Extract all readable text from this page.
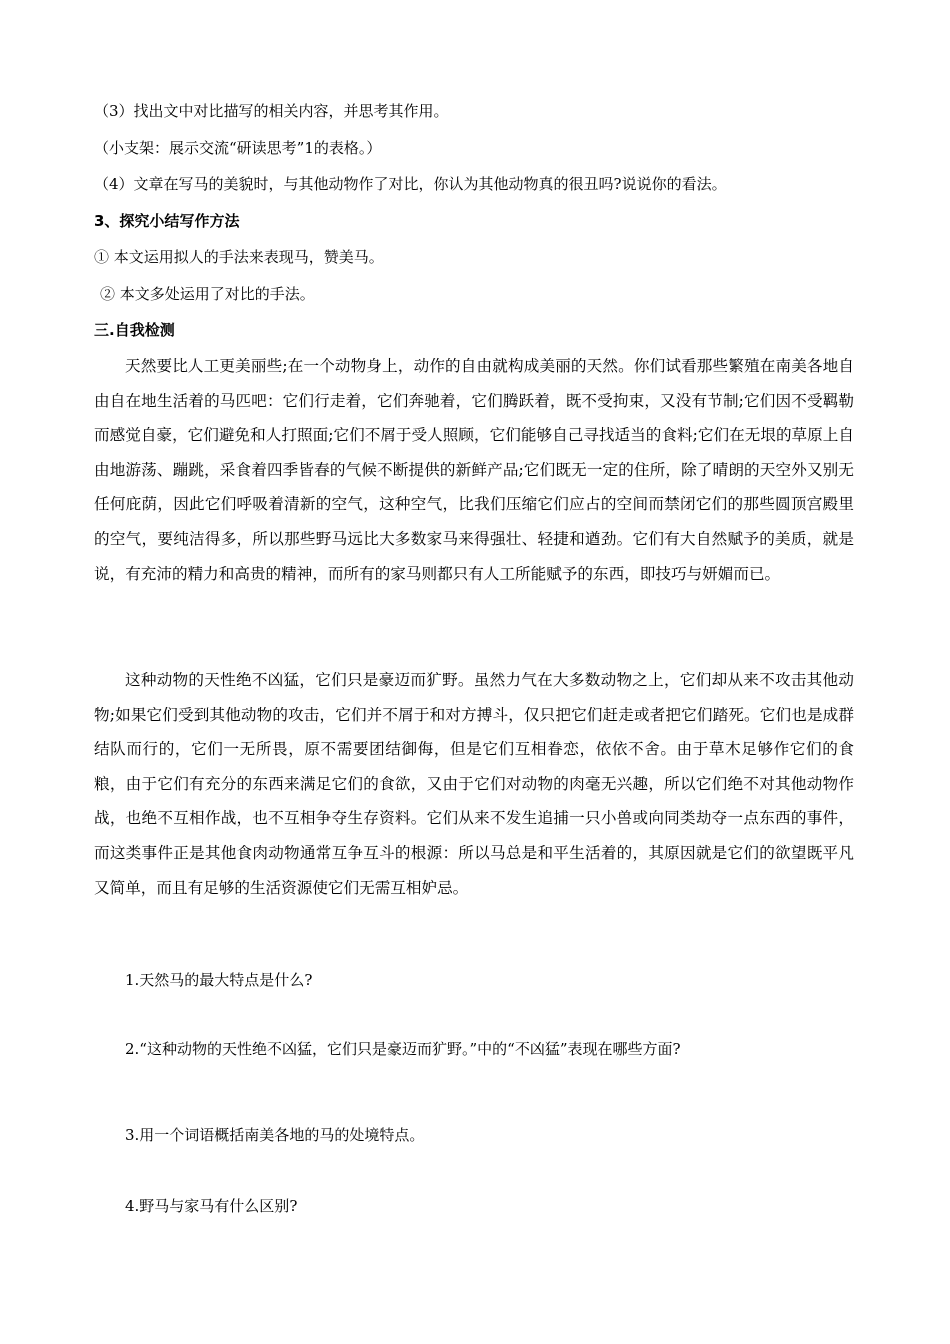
（3）找出文中对比描写的相关内容，并思考其作用。
（小支架：展示交流“研读思考”1的表格。）
（4）文章在写马的美貌时，与其他动物作了对比，你认为其他动物真的很丑吗?说说你的看法。
3、探究小结写作方法
① 本文运用拟人的手法来表现马，赞美马。
② 本文多处运用了对比的手法。
三.自我检测
天然要比人工更美丽些;在一个动物身上，动作的自由就构成美丽的天然。你们试看那些繁殖在南美各地自由自在地生活着的马匹吧：它们行走着，它们奔驰着，它们腾跃着，既不受拘束，又没有节制;它们因不受羁勒而感觉自豪，它们避免和人打照面;它们不屑于受人照顾，它们能够自己寻找适当的食料;它们在无垠的草原上自由地游荡、蹦跳，采食着四季皆春的气候不断提供的新鲜产品;它们既无一定的住所，除了晴朗的天空外又别无任何庇荫，因此它们呼吸着清新的空气，这种空气，比我们压缩它们应占的空间而禁闭它们的那些圆顶宫殿里的空气，要纯洁得多，所以那些野马远比大多数家马来得强壮、轻捷和遒劲。它们有大自然赋予的美质，就是说，有充沛的精力和高贵的精神，而所有的家马则都只有人工所能赋予的东西，即技巧与妍媚而已。
这种动物的天性绝不凶猛，它们只是豪迈而犷野。虽然力气在大多数动物之上，它们却从来不攻击其他动物;如果它们受到其他动物的攻击，它们并不屑于和对方搏斗，仅只把它们赶走或者把它们踏死。它们也是成群结队而行的，它们一无所畏，原不需要团结御侮，但是它们互相眷恋，依依不舍。由于草木足够作它们的食粮，由于它们有充分的东西来满足它们的食欲，又由于它们对动物的肉毫无兴趣，所以它们绝不对其他动物作战，也绝不互相作战，也不互相争夺生存资料。它们从来不发生追捕一只小兽或向同类劫夺一点东西的事件，而这类事件正是其他食肉动物通常互争互斗的根源：所以马总是和平生活着的，其原因就是它们的欲望既平凡又简单，而且有足够的生活资源使它们无需互相妒忌。
1.天然马的最大特点是什么?
2.“这种动物的天性绝不凶猛，它们只是豪迈而犷野。”中的“不凶猛”表现在哪些方面?
3.用一个词语概括南美各地的马的处境特点。
4.野马与家马有什么区别?
